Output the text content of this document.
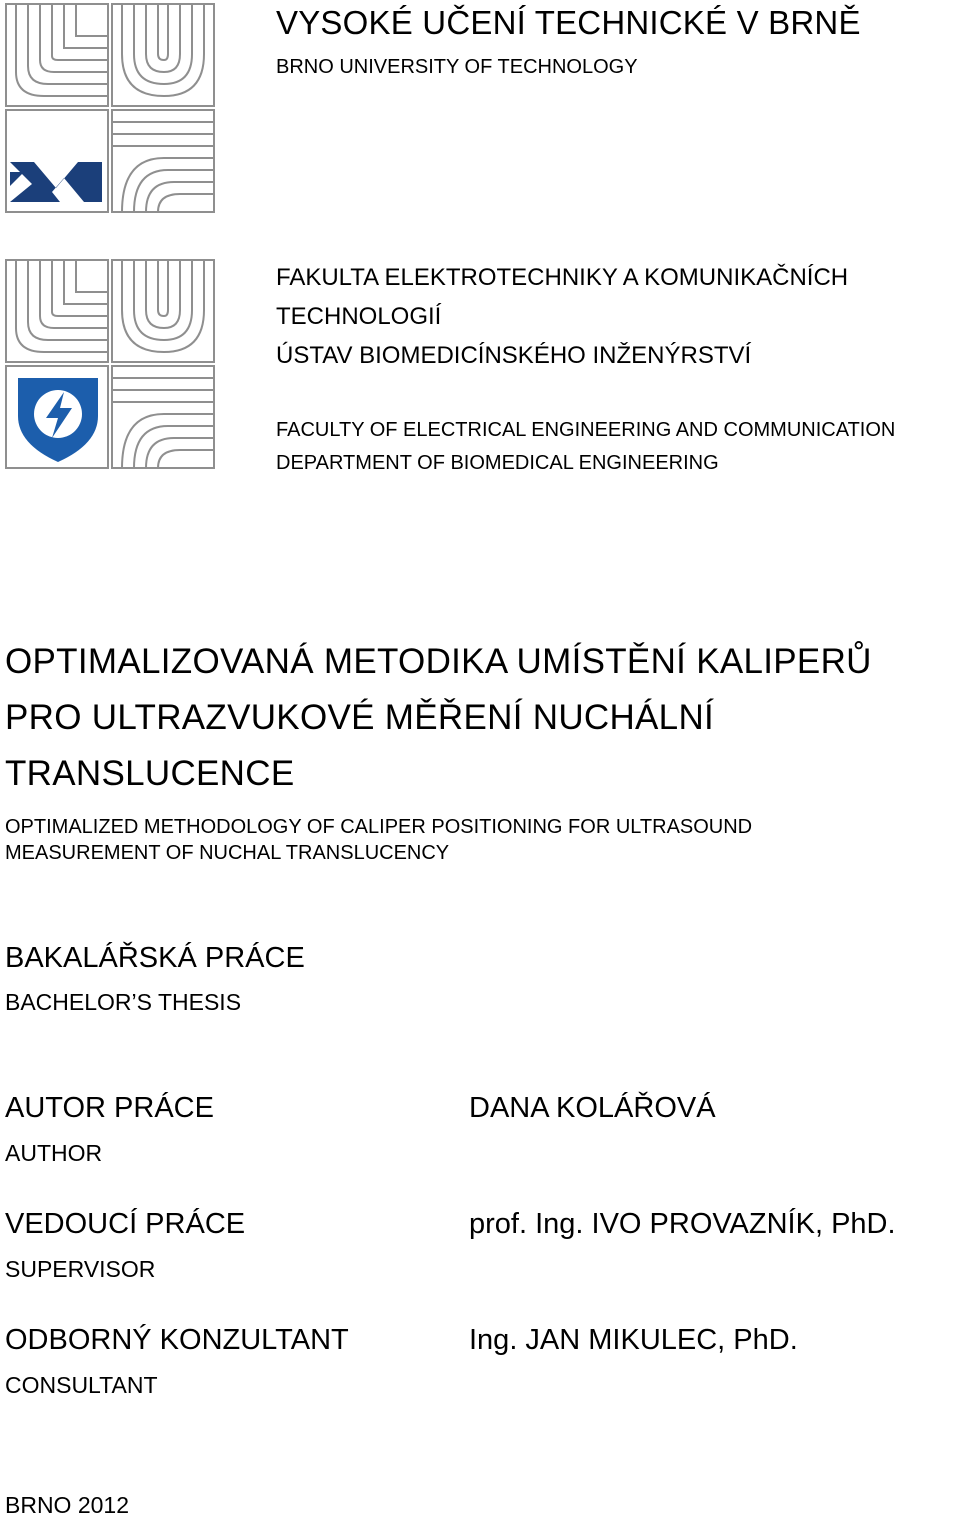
VYSOKÉ UČENÍ TECHNICKÉ V BRNĚ
BRNO UNIVERSITY OF TECHNOLOGY
FAKULTA ELEKTROTECHNIKY A KOMUNIKAČNÍCH
TECHNOLOGIÍ
ÚSTAV BIOMEDICÍNSKÉHO INŽENÝRSTVÍ
FACULTY OF ELECTRICAL ENGINEERING AND COMMUNICATION
DEPARTMENT OF BIOMEDICAL ENGINEERING
OPTIMALIZOVANÁ METODIKA UMÍSTĚNÍ KALIPERŮ
PRO ULTRAZVUKOVÉ MĚŘENÍ NUCHÁLNÍ
TRANSLUCENCE
OPTIMALIZED METHODOLOGY OF CALIPER POSITIONING FOR ULTRASOUND
MEASUREMENT OF NUCHAL TRANSLUCENCY
BAKALÁŘSKÁ PRÁCE
BACHELOR’S THESIS
AUTOR PRÁCE
AUTHOR
DANA KOLÁŘOVÁ
VEDOUCÍ PRÁCE
SUPERVISOR
prof. Ing. IVO PROVAZNÍK, PhD.
ODBORNÝ KONZULTANT
CONSULTANT
Ing. JAN MIKULEC, PhD.
BRNO 2012
